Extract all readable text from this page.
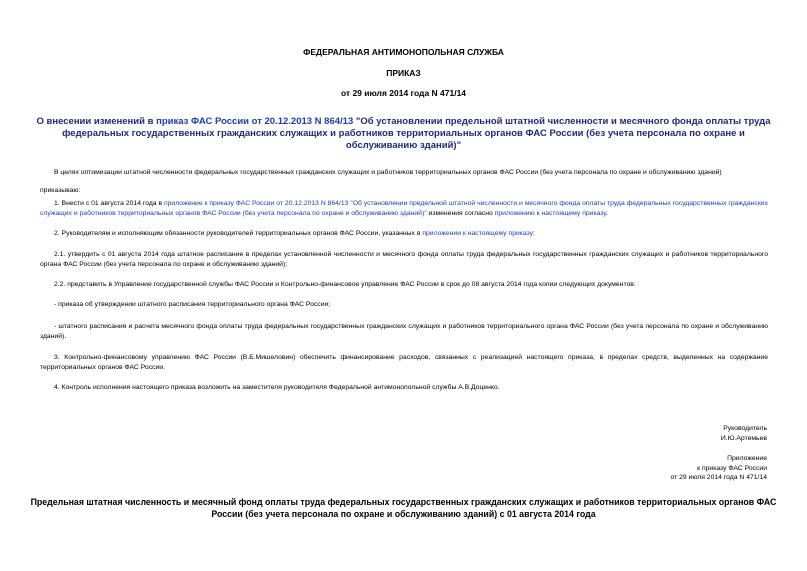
ФЕДЕРАЛЬНАЯ АНТИМОНОПОЛЬНАЯ СЛУЖБА
ПРИКАЗ
от 29 июля 2014 года N 471/14
О внесении изменений в приказ ФАС России от 20.12.2013 N 864/13 "Об установлении предельной штатной численности и месячного фонда оплаты труда федеральных государственных гражданских служащих и работников территориальных органов ФАС России (без учета персонала по охране и обслуживанию зданий)"
В целях оптимизации штатной численности федеральных государственных гражданских служащих и работников территориальных органов ФАС России (без учета персонала по охране и обслуживанию зданий)
приказываю:
1. Внести с 01 августа 2014 года в приложение к приказу ФАС России от 20.12.2013 N 864/13 "Об установлении предельной штатной численности и месячного фонда оплаты труда федеральных государственных гражданских служащих и работников территориальных органов ФАС России (без учета персонала по охране и обслуживанию зданий)" изменения согласно приложению к настоящему приказу.
2. Руководителям и исполняющим обязанности руководителей территориальных органов ФАС России, указанных в приложении к настоящему приказу:
2.1. утвердить с 01 августа 2014 года штатное расписание в пределах установленной численности и месячного фонда оплаты труда федеральных государственных гражданских служащих и работников территориального органа ФАС России (без учета персонала по охране и обслуживанию зданий);
2.2. представить в Управление государственной службы ФАС России и Контрольно-финансовое управление ФАС России в срок до 08 августа 2014 года копии следующих документов:
- приказа об утверждении штатного расписания территориального органа ФАС России;
- штатного расписания и расчета месячного фонда оплаты труда федеральных государственных гражданских служащих и работников территориального органа ФАС России (без учета персонала по охране и обслуживанию зданий).
3. Контрольно-финансовому управлению ФАС России (В.Б.Мишеловин) обеспечить финансирование расходов, связанных с реализацией настоящего приказа, в пределах средств, выделенных на содержание территориальных органов ФАС России.
4. Контроль исполнения настоящего приказа возложить на заместителя руководителя Федеральной антимонопольной службы А.В.Доценко.
Руководитель
И.Ю.Артемьев
Приложение
к приказу ФАС России
от 29 июля 2014 года N 471/14
Предельная штатная численность и месячный фонд оплаты труда федеральных государственных гражданских служащих и работников территориальных органов ФАС России (без учета персонала по охране и обслуживанию зданий) с 01 августа 2014 года
